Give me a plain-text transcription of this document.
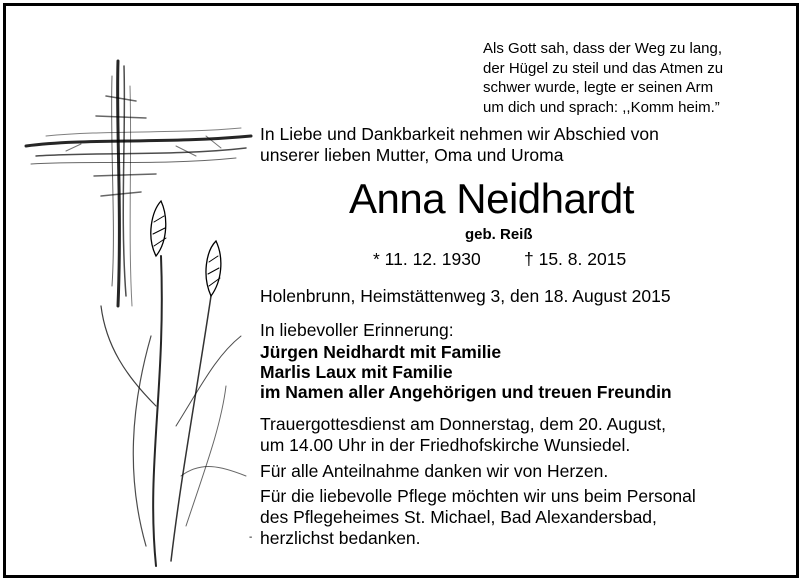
-
Als Gott sah, dass der Weg zu lang,
der Hügel zu steil und das Atmen zu
schwer wurde, legte er seinen Arm
um dich und sprach: ,,Komm heim.”
In Liebe und Dankbarkeit nehmen wir Abschied von
unserer lieben Mutter, Oma und Uroma
Anna Neidhardt
geb. Reiß
* 11. 12. 1930 † 15. 8. 2015
Holenbrunn, Heimstättenweg 3, den 18. August 2015
In liebevoller Erinnerung:
Jürgen Neidhardt mit Familie
Marlis Laux mit Familie
im Namen aller Angehörigen und treuen Freundin
Trauergottesdienst am Donnerstag, dem 20. August,
um 14.00 Uhr in der Friedhofskirche Wunsiedel.
Für alle Anteilnahme danken wir von Herzen.
Für die liebevolle Pflege möchten wir uns beim Personal
des Pflegeheimes St. Michael, Bad Alexandersbad,
herzlichst bedanken.
